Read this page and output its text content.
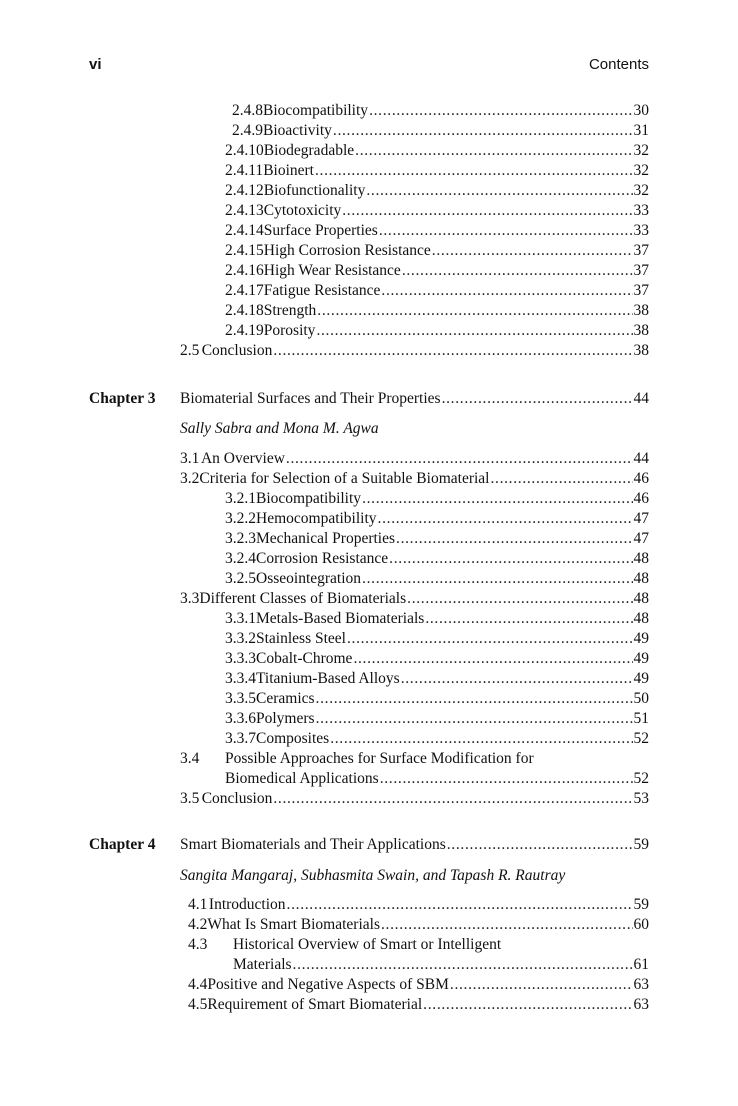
vi	Contents
2.4.8 Biocompatibility . . .	30
2.4.9 Bioactivity . . .	31
2.4.10 Biodegradable . . .	32
2.4.11 Bioinert . . .	32
2.4.12 Biofunctionality . . .	32
2.4.13 Cytotoxicity . . .	33
2.4.14 Surface Properties . . .	33
2.4.15 High Corrosion Resistance . . .	37
2.4.16 High Wear Resistance . . .	37
2.4.17 Fatigue Resistance . . .	37
2.4.18 Strength . . .	38
2.4.19 Porosity . . .	38
2.5 Conclusion . . .	38
Chapter 3 Biomaterial Surfaces and Their Properties . . .	44
Sally Sabra and Mona M. Agwa
3.1 An Overview . . .	44
3.2 Criteria for Selection of a Suitable Biomaterial . . .	46
3.2.1 Biocompatibility . . .	46
3.2.2 Hemocompatibility . . .	47
3.2.3 Mechanical Properties . . .	47
3.2.4 Corrosion Resistance . . .	48
3.2.5 Osseointegration . . .	48
3.3 Different Classes of Biomaterials . . .	48
3.3.1 Metals-Based Biomaterials . . .	48
3.3.2 Stainless Steel . . .	49
3.3.3 Cobalt-Chrome . . .	49
3.3.4 Titanium-Based Alloys . . .	49
3.3.5 Ceramics . . .	50
3.3.6 Polymers . . .	51
3.3.7 Composites . . .	52
3.4 Possible Approaches for Surface Modification for
Biomedical Applications . . .	52
3.5 Conclusion . . .	53
Chapter 4 Smart Biomaterials and Their Applications . . .	59
Sangita Mangaraj, Subhasmita Swain, and Tapash R. Rautray
4.1 Introduction . . .	59
4.2 What Is Smart Biomaterials . . .	60
4.3 Historical Overview of Smart or Intelligent
Materials . . .	61
4.4 Positive and Negative Aspects of SBM . . .	63
4.5 Requirement of Smart Biomaterial . . .	63
